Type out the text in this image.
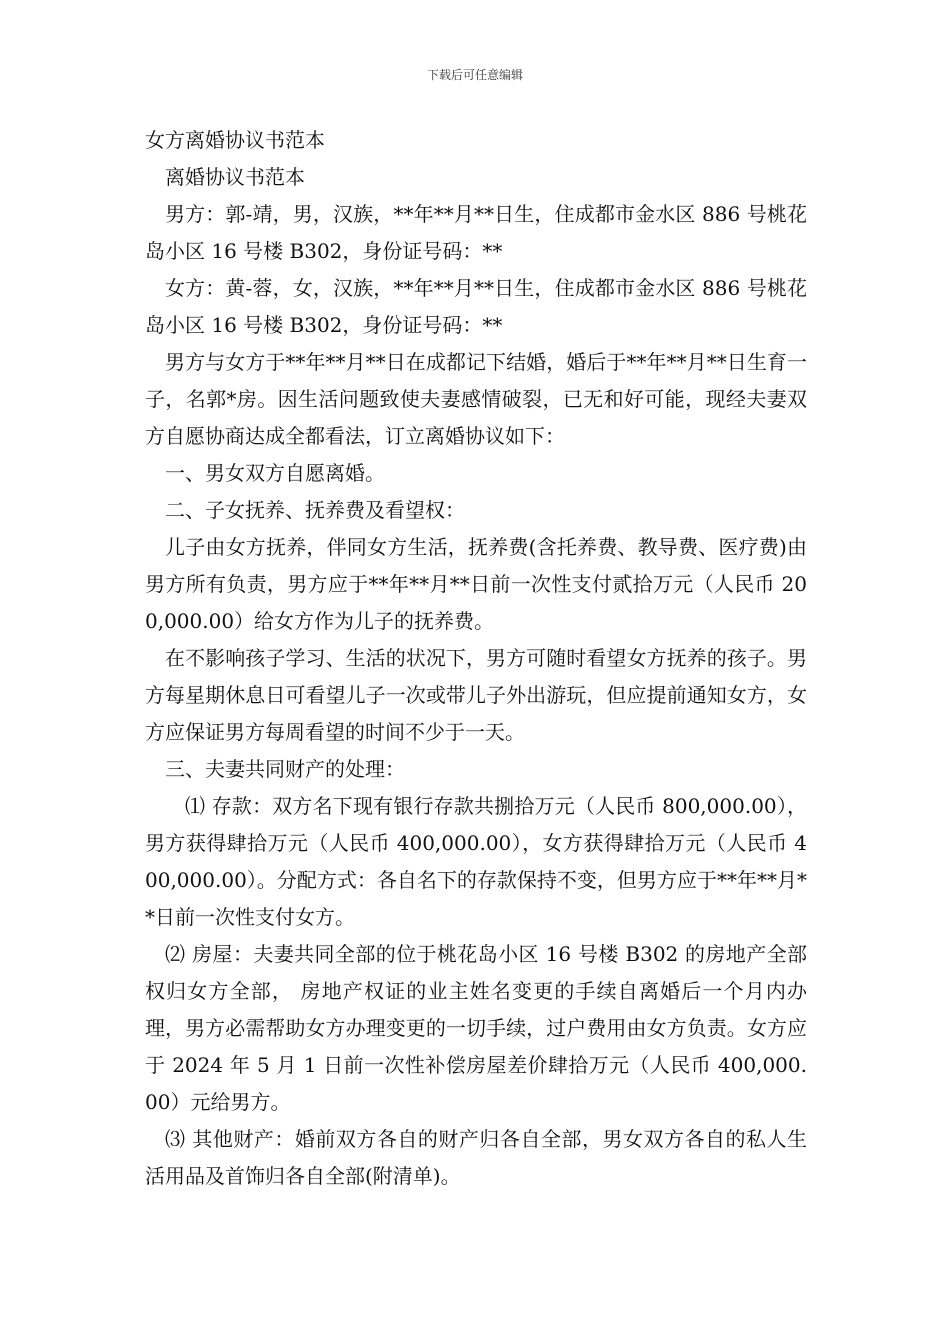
下载后可任意编辑

女方离婚协议书范本

离婚协议书范本

男方：郭-靖，男，汉族，**年**月**日生，住成都市金水区 886 号桃花岛小区 16 号楼 B302，身份证号码：**

女方：黄-蓉，女，汉族，**年**月**日生，住成都市金水区 886 号桃花岛小区 16 号楼 B302，身份证号码：**

男方与女方于**年**月**日在成都记下结婚，婚后于**年**月**日生育一子，名郭*房。因生活问题致使夫妻感情破裂，已无和好可能，现经夫妻双方自愿协商达成全都看法，订立离婚协议如下：

一、男女双方自愿离婚。

二、子女抚养、抚养费及看望权：

儿子由女方抚养，伴同女方生活，抚养费(含托养费、教导费、医疗费)由男方所有负责，男方应于**年**月**日前一次性支付贰拾万元（人民币 200,000.00）给女方作为儿子的抚养费。

在不影响孩子学习、生活的状况下，男方可随时看望女方抚养的孩子。男方每星期休息日可看望儿子一次或带儿子外出游玩，但应提前通知女方，女方应保证男方每周看望的时间不少于一天。

三、夫妻共同财产的处理：

⑴ 存款：双方名下现有银行存款共捌拾万元（人民币 800,000.00），男方获得肆拾万元（人民币 400,000.00），女方获得肆拾万元（人民币 400,000.00）。分配方式：各自名下的存款保持不变，但男方应于**年**月**日前一次性支付女方。

⑵ 房屋：夫妻共同全部的位于桃花岛小区 16 号楼 B302 的房地产全部权归女方全部， 房地产权证的业主姓名变更的手续自离婚后一个月内办理，男方必需帮助女方办理变更的一切手续，过户费用由女方负责。女方应于 2024 年 5 月 1 日前一次性补偿房屋差价肆拾万元（人民币 400,000.00）元给男方。

⑶ 其他财产：婚前双方各自的财产归各自全部，男女双方各自的私人生活用品及首饰归各自全部(附清单)。
